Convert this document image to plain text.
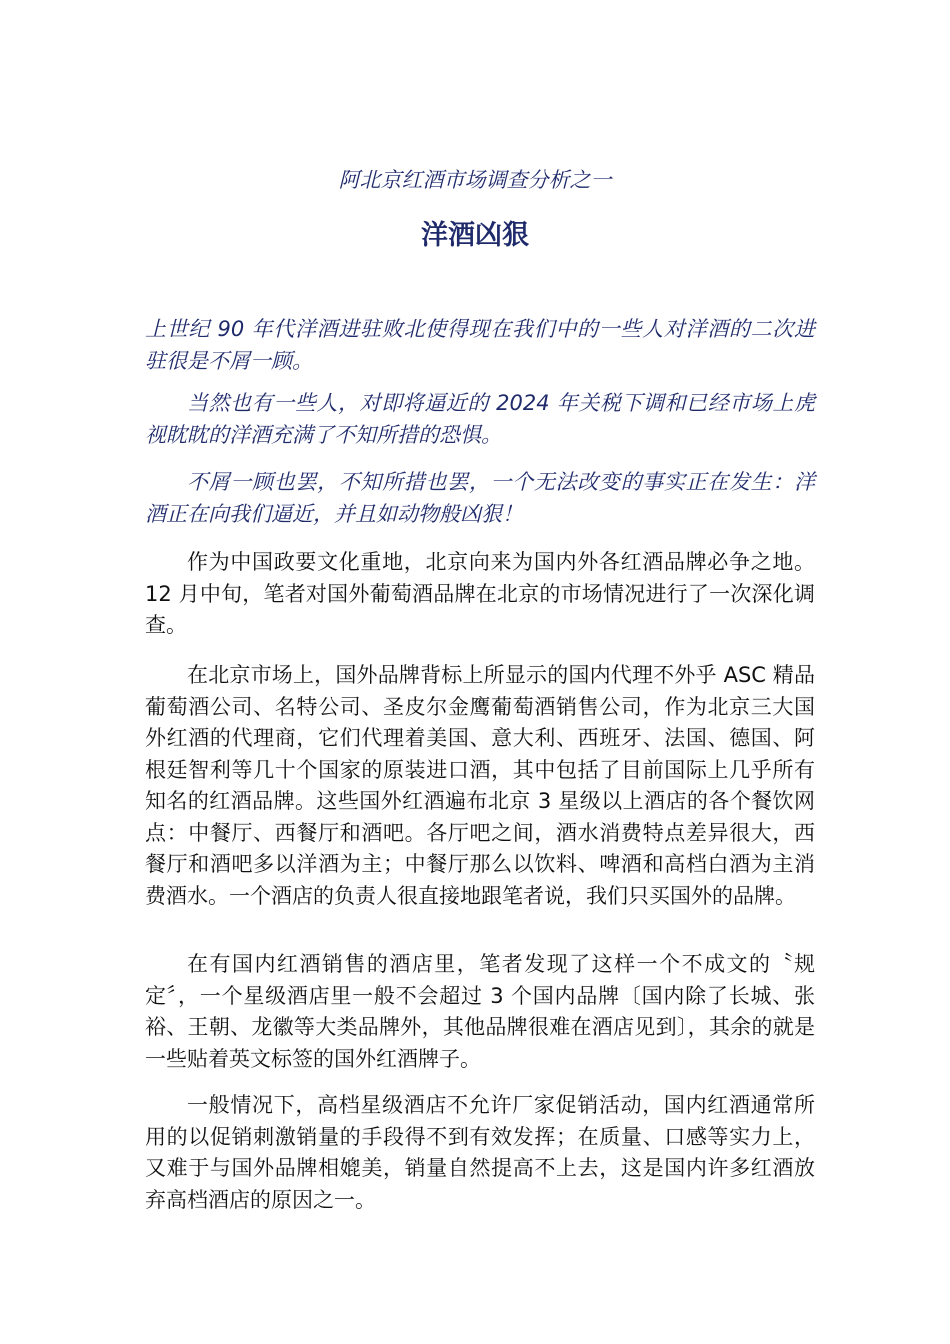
阿北京红酒市场调查分析之一

洋酒凶狠

上世纪 90 年代洋酒进驻败北使得现在我们中的一些人对洋酒的二次进驻很是不屑一顾。

当然也有一些人，对即将逼近的 2024 年关税下调和已经市场上虎视眈眈的洋酒充满了不知所措的恐惧。

不屑一顾也罢，不知所措也罢，一个无法改变的事实正在发生：洋酒正在向我们逼近，并且如动物般凶狠！

作为中国政要文化重地，北京向来为国内外各红酒品牌必争之地。12 月中旬，笔者对国外葡萄酒品牌在北京的市场情况进行了一次深化调查。

在北京市场上，国外品牌背标上所显示的国内代理不外乎 ASC 精品葡萄酒公司、名特公司、圣皮尔金鹰葡萄酒销售公司，作为北京三大国外红酒的代理商，它们代理着美国、意大利、西班牙、法国、德国、阿根廷智利等几十个国家的原装进口酒，其中包括了目前国际上几乎所有知名的红酒品牌。这些国外红酒遍布北京 3 星级以上酒店的各个餐饮网点：中餐厅、西餐厅和酒吧。各厅吧之间，酒水消费特点差异很大，西餐厅和酒吧多以洋酒为主；中餐厅那么以饮料、啤酒和高档白酒为主消费酒水。一个酒店的负责人很直接地跟笔者说，我们只买国外的品牌。

在有国内红酒销售的酒店里，笔者发现了这样一个不成文的〝规定〞，一个星级酒店里一般不会超过 3 个国内品牌〔国内除了长城、张裕、王朝、龙徽等大类品牌外，其他品牌很难在酒店见到〕，其余的就是一些贴着英文标签的国外红酒牌子。

一般情况下，高档星级酒店不允许厂家促销活动，国内红酒通常所用的以促销刺激销量的手段得不到有效发挥；在质量、口感等实力上，又难于与国外品牌相媲美，销量自然提高不上去，这是国内许多红酒放弃高档酒店的原因之一。
